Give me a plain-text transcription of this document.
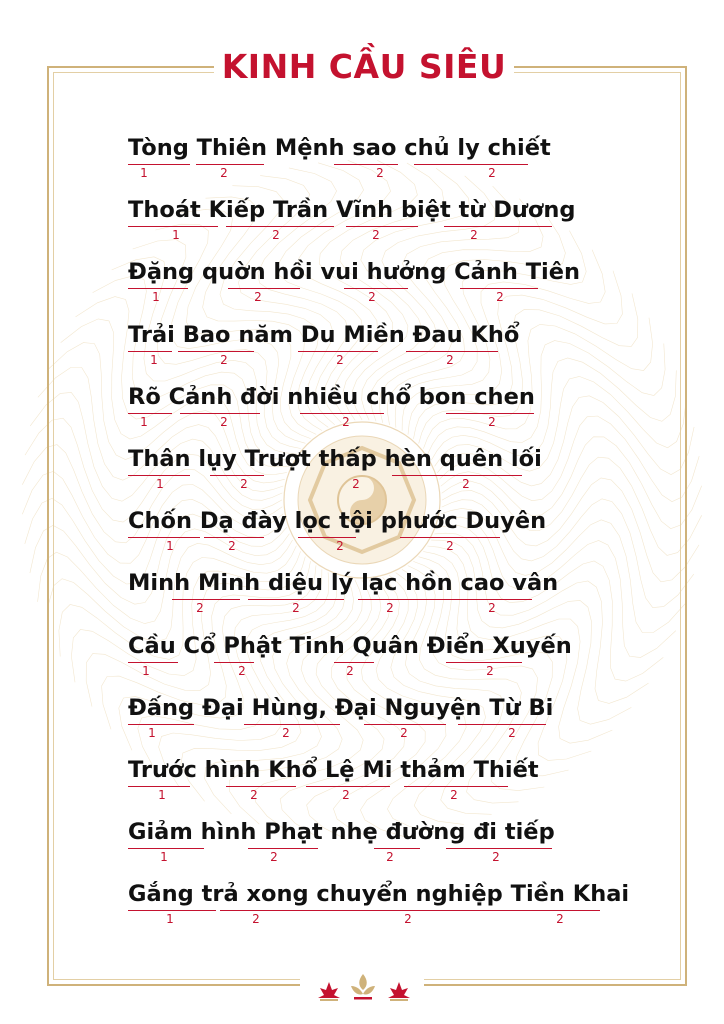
KINH CẦU SIÊU
Tòng Thiên Mệnh sao chủ ly chiết
1	2	2	2
Thoát Kiếp Trần Vĩnh biệt từ Dương
1	2	2	2
Đặng quờn hồi vui hưởng Cảnh Tiên
1	2	2	2
Trải Bao năm Du Miền Đau Khổ
1	2	2	2
Rõ Cảnh đời nhiều chổ bon chen
1	2	2	2
Thân lụy Trượt thấp hèn quên lối
1	2	2	2
Chốn Dạ đày lọc tội phước Duyên
1	2	2	2
Minh Minh diệu lý lạc hồn cao vân
2	2	2	2
Cầu Cổ Phật Tinh Quân Điển Xuyến
1	2	2	2
Đấng Đại Hùng, Đại Nguyện Từ Bi
1	2	2	2
Trước hình Khổ Lệ Mi thảm Thiết
1	2	2	2
Giảm hình Phạt nhẹ đường đi tiếp
1	2	2	2
Gắng trả xong chuyển nghiệp Tiền Khai
1	2	2	2
